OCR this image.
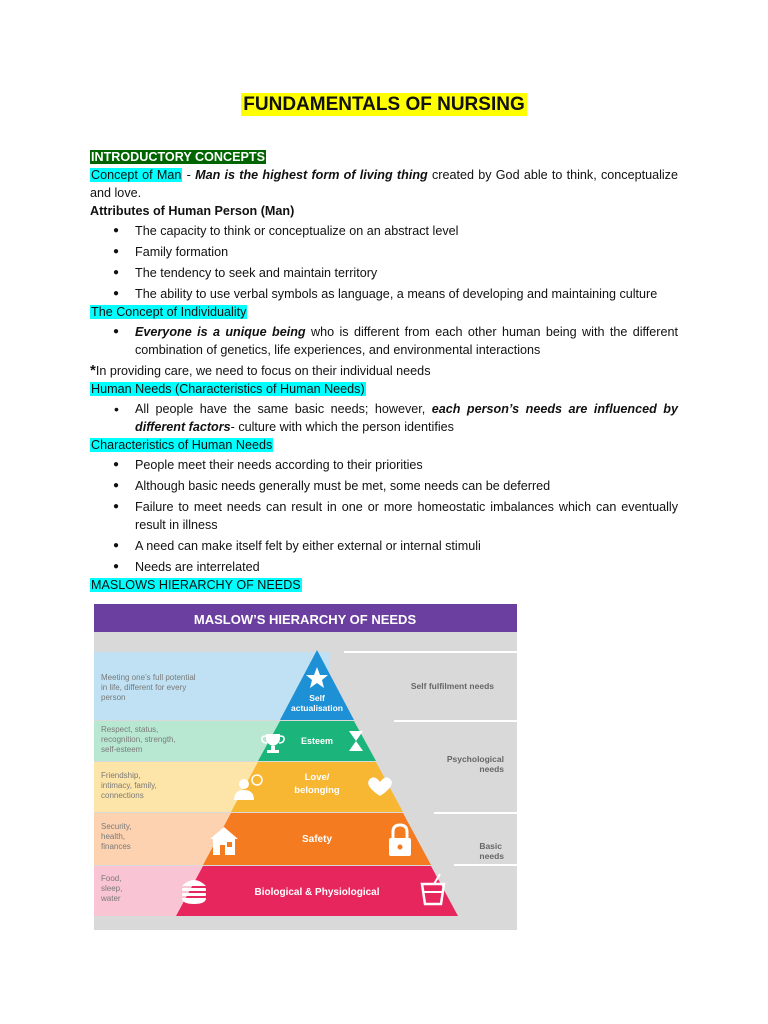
FUNDAMENTALS OF NURSING
INTRODUCTORY CONCEPTS
Concept of Man - Man is the highest form of living thing created by God able to think, conceptualize and love.
Attributes of Human Person (Man)
● The capacity to think or conceptualize on an abstract level
● Family formation
● The tendency to seek and maintain territory
● The ability to use verbal symbols as language, a means of developing and maintaining culture
The Concept of Individuality
● Everyone is a unique being who is different from each other human being with the different combination of genetics, life experiences, and environmental interactions
*In providing care, we need to focus on their individual needs
Human Needs (Characteristics of Human Needs)
• All people have the same basic needs; however, each person’s needs are influenced by different factors- culture with which the person identifies
Characteristics of Human Needs
● People meet their needs according to their priorities
● Although basic needs generally must be met, some needs can be deferred
● Failure to meet needs can result in one or more homeostatic imbalances which can eventually result in illness
● A need can make itself felt by either external or internal stimuli
● Needs are interrelated
MASLOWS HIERARCHY OF NEEDS
MASLOW’S HIERARCHY OF NEEDS
Self
actualisation
Esteem
Love/
belonging
Safety
Biological & Physiological
Meeting one’s full potential
in life, different for every
person
Respect, status,
recognition, strength,
self-esteem
Friendship,
intimacy, family,
connections
Security,
health,
finances
Food,
sleep,
water
Self fulfilment needs
Psychological
needs
Basic
needs
